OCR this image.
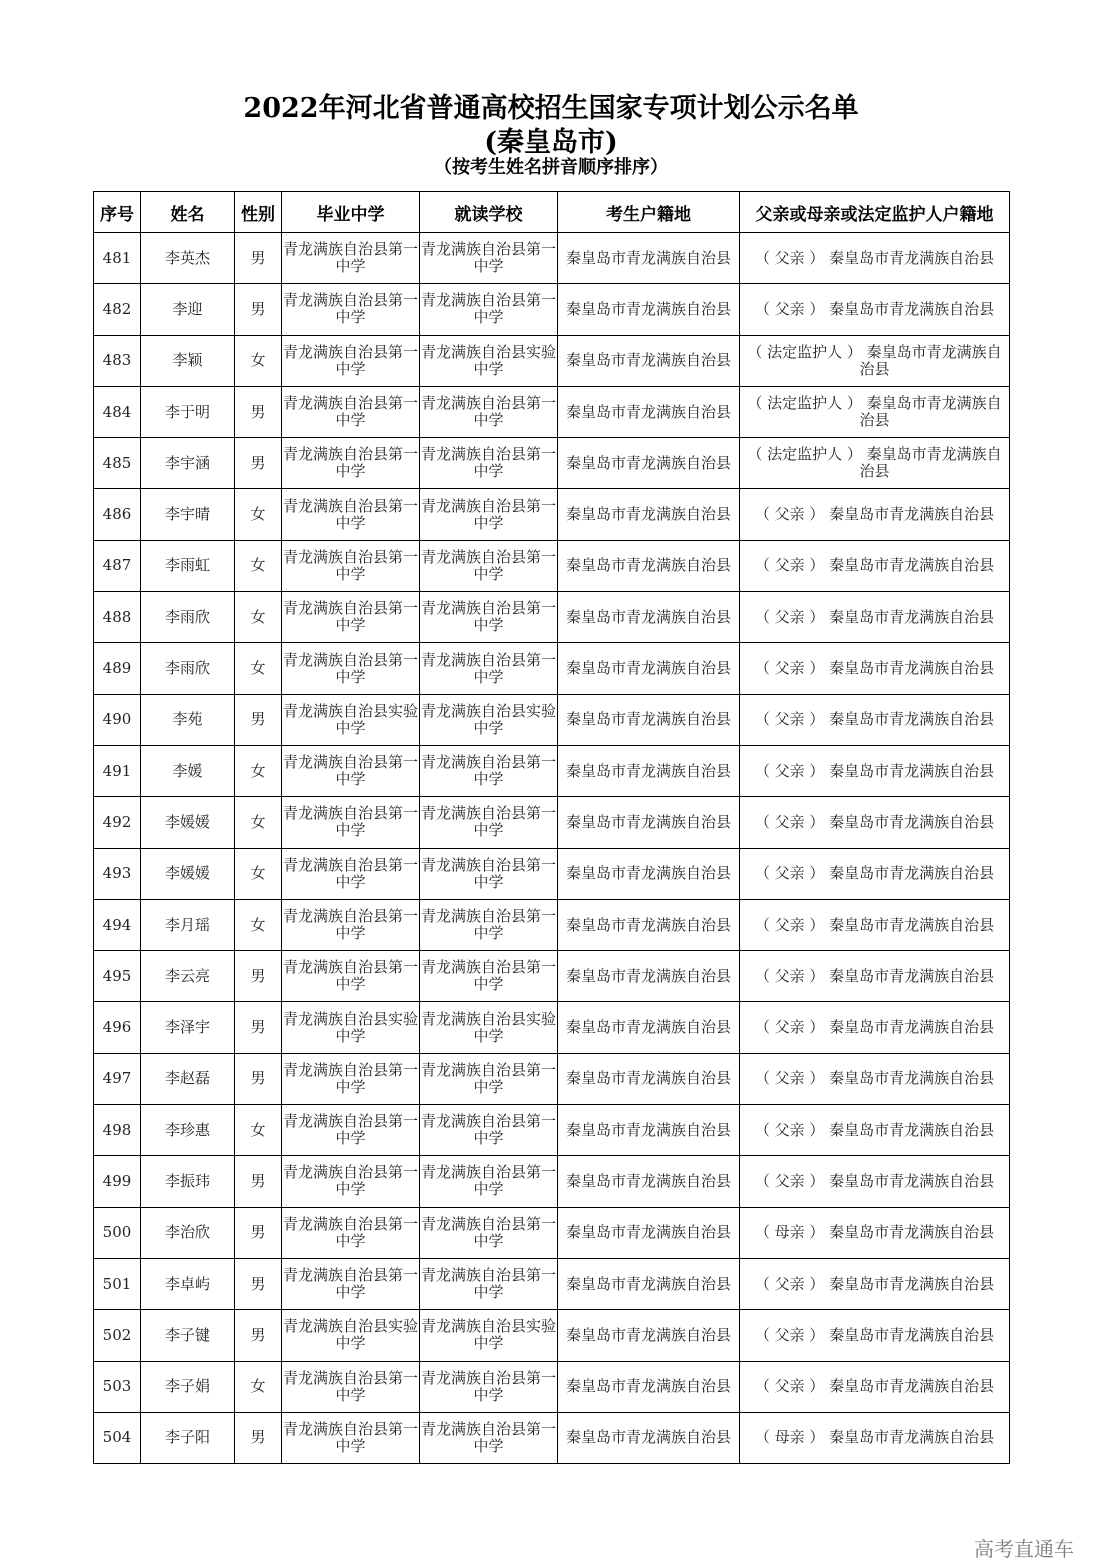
2022年河北省普通高校招生国家专项计划公示名单
(秦皇岛市)
（按考生姓名拼音顺序排序）
序号	姓名	性别	毕业中学	就读学校	考生户籍地	父亲或母亲或法定监护人户籍地
481	李英杰	男	青龙满族自治县第一中学	青龙满族自治县第一中学	秦皇岛市青龙满族自治县	（ 父亲 ） 秦皇岛市青龙满族自治县
482	李迎	男	青龙满族自治县第一中学	青龙满族自治县第一中学	秦皇岛市青龙满族自治县	（ 父亲 ） 秦皇岛市青龙满族自治县
483	李颖	女	青龙满族自治县第一中学	青龙满族自治县实验中学	秦皇岛市青龙满族自治县	（ 法定监护人 ） 秦皇岛市青龙满族自治县
484	李于明	男	青龙满族自治县第一中学	青龙满族自治县第一中学	秦皇岛市青龙满族自治县	（ 法定监护人 ） 秦皇岛市青龙满族自治县
485	李宇涵	男	青龙满族自治县第一中学	青龙满族自治县第一中学	秦皇岛市青龙满族自治县	（ 法定监护人 ） 秦皇岛市青龙满族自治县
486	李宇晴	女	青龙满族自治县第一中学	青龙满族自治县第一中学	秦皇岛市青龙满族自治县	（ 父亲 ） 秦皇岛市青龙满族自治县
487	李雨虹	女	青龙满族自治县第一中学	青龙满族自治县第一中学	秦皇岛市青龙满族自治县	（ 父亲 ） 秦皇岛市青龙满族自治县
488	李雨欣	女	青龙满族自治县第一中学	青龙满族自治县第一中学	秦皇岛市青龙满族自治县	（ 父亲 ） 秦皇岛市青龙满族自治县
489	李雨欣	女	青龙满族自治县第一中学	青龙满族自治县第一中学	秦皇岛市青龙满族自治县	（ 父亲 ） 秦皇岛市青龙满族自治县
490	李苑	男	青龙满族自治县实验中学	青龙满族自治县实验中学	秦皇岛市青龙满族自治县	（ 父亲 ） 秦皇岛市青龙满族自治县
491	李媛	女	青龙满族自治县第一中学	青龙满族自治县第一中学	秦皇岛市青龙满族自治县	（ 父亲 ） 秦皇岛市青龙满族自治县
492	李媛媛	女	青龙满族自治县第一中学	青龙满族自治县第一中学	秦皇岛市青龙满族自治县	（ 父亲 ） 秦皇岛市青龙满族自治县
493	李媛媛	女	青龙满族自治县第一中学	青龙满族自治县第一中学	秦皇岛市青龙满族自治县	（ 父亲 ） 秦皇岛市青龙满族自治县
494	李月瑶	女	青龙满族自治县第一中学	青龙满族自治县第一中学	秦皇岛市青龙满族自治县	（ 父亲 ） 秦皇岛市青龙满族自治县
495	李云亮	男	青龙满族自治县第一中学	青龙满族自治县第一中学	秦皇岛市青龙满族自治县	（ 父亲 ） 秦皇岛市青龙满族自治县
496	李泽宇	男	青龙满族自治县实验中学	青龙满族自治县实验中学	秦皇岛市青龙满族自治县	（ 父亲 ） 秦皇岛市青龙满族自治县
497	李赵磊	男	青龙满族自治县第一中学	青龙满族自治县第一中学	秦皇岛市青龙满族自治县	（ 父亲 ） 秦皇岛市青龙满族自治县
498	李珍惠	女	青龙满族自治县第一中学	青龙满族自治县第一中学	秦皇岛市青龙满族自治县	（ 父亲 ） 秦皇岛市青龙满族自治县
499	李振玮	男	青龙满族自治县第一中学	青龙满族自治县第一中学	秦皇岛市青龙满族自治县	（ 父亲 ） 秦皇岛市青龙满族自治县
500	李治欣	男	青龙满族自治县第一中学	青龙满族自治县第一中学	秦皇岛市青龙满族自治县	（ 母亲 ） 秦皇岛市青龙满族自治县
501	李卓屿	男	青龙满族自治县第一中学	青龙满族自治县第一中学	秦皇岛市青龙满族自治县	（ 父亲 ） 秦皇岛市青龙满族自治县
502	李子键	男	青龙满族自治县实验中学	青龙满族自治县实验中学	秦皇岛市青龙满族自治县	（ 父亲 ） 秦皇岛市青龙满族自治县
503	李子娟	女	青龙满族自治县第一中学	青龙满族自治县第一中学	秦皇岛市青龙满族自治县	（ 父亲 ） 秦皇岛市青龙满族自治县
504	李子阳	男	青龙满族自治县第一中学	青龙满族自治县第一中学	秦皇岛市青龙满族自治县	（ 母亲 ） 秦皇岛市青龙满族自治县
高考直通车
